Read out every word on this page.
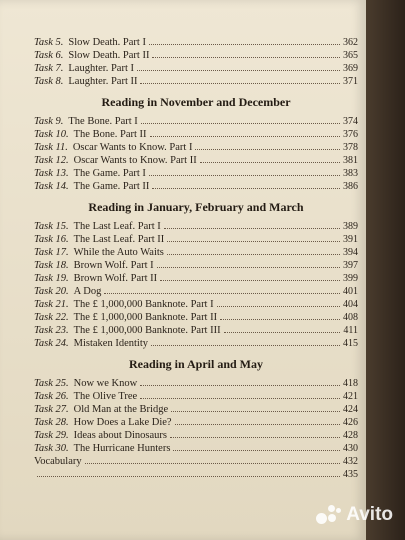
Task 5. Slow Death. Part I	362
Task 6. Slow Death. Part II	365
Task 7. Laughter. Part I	369
Task 8. Laughter. Part II	371
Reading in November and December
Task 9. The Bone. Part I	374
Task 10. The Bone. Part II	376
Task 11. Oscar Wants to Know. Part I	378
Task 12. Oscar Wants to Know. Part II	381
Task 13. The Game. Part I	383
Task 14. The Game. Part II	386
Reading in January, February and March
Task 15. The Last Leaf. Part I	389
Task 16. The Last Leaf. Part II	391
Task 17. While the Auto Waits	394
Task 18. Brown Wolf. Part I	397
Task 19. Brown Wolf. Part II	399
Task 20. A Dog	401
Task 21. The £ 1,000,000 Banknote. Part I	404
Task 22. The £ 1,000,000 Banknote. Part II	408
Task 23. The £ 1,000,000 Banknote. Part III	411
Task 24. Mistaken Identity	415
Reading in April and May
Task 25. Now we Know	418
Task 26. The Olive Tree	421
Task 27. Old Man at the Bridge	424
Task 28. How Does a Lake Die?	426
Task 29. Ideas about Dinosaurs	428
Task 30. The Hurricane Hunters	430
Vocabulary	432
435
Avito
